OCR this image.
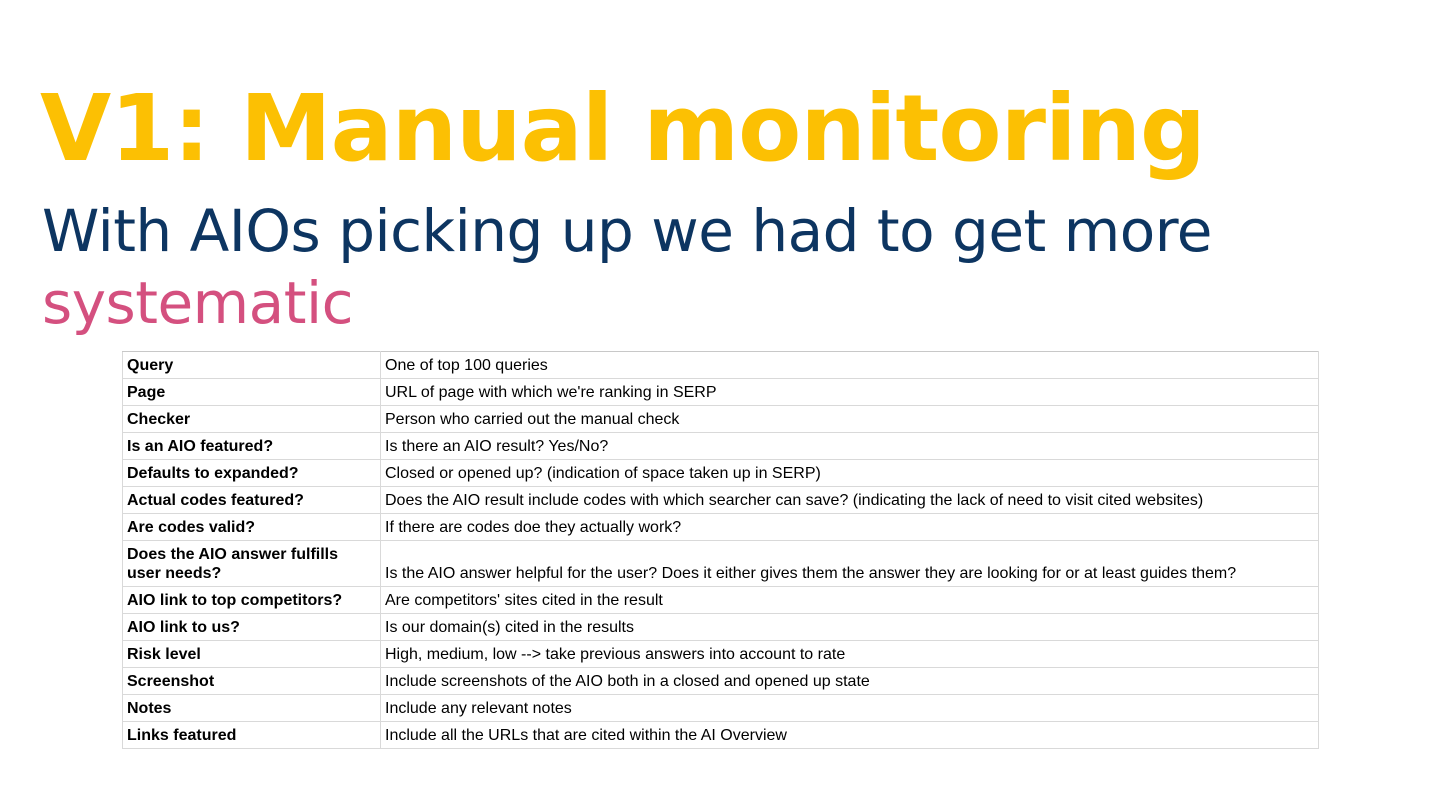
V1: Manual monitoring

With AIOs picking up we had to get more systematic

Query	One of top 100 queries
Page	URL of page with which we're ranking in SERP
Checker	Person who carried out the manual check
Is an AIO featured?	Is there an AIO result? Yes/No?
Defaults to expanded?	Closed or opened up? (indication of space taken up in SERP)
Actual codes featured?	Does the AIO result include codes with which searcher can save? (indicating the lack of need to visit cited websites)
Are codes valid?	If there are codes doe they actually work?
Does the AIO answer fulfills user needs?	Is the AIO answer helpful for the user? Does it either gives them the answer they are looking for or at least guides them?
AIO link to top competitors?	Are competitors' sites cited in the result
AIO link to us?	Is our domain(s) cited in the results
Risk level	High, medium, low --> take previous answers into account to rate
Screenshot	Include screenshots of the AIO both in a closed and opened up state
Notes	Include any relevant notes
Links featured	Include all the URLs that are cited within the AI Overview
